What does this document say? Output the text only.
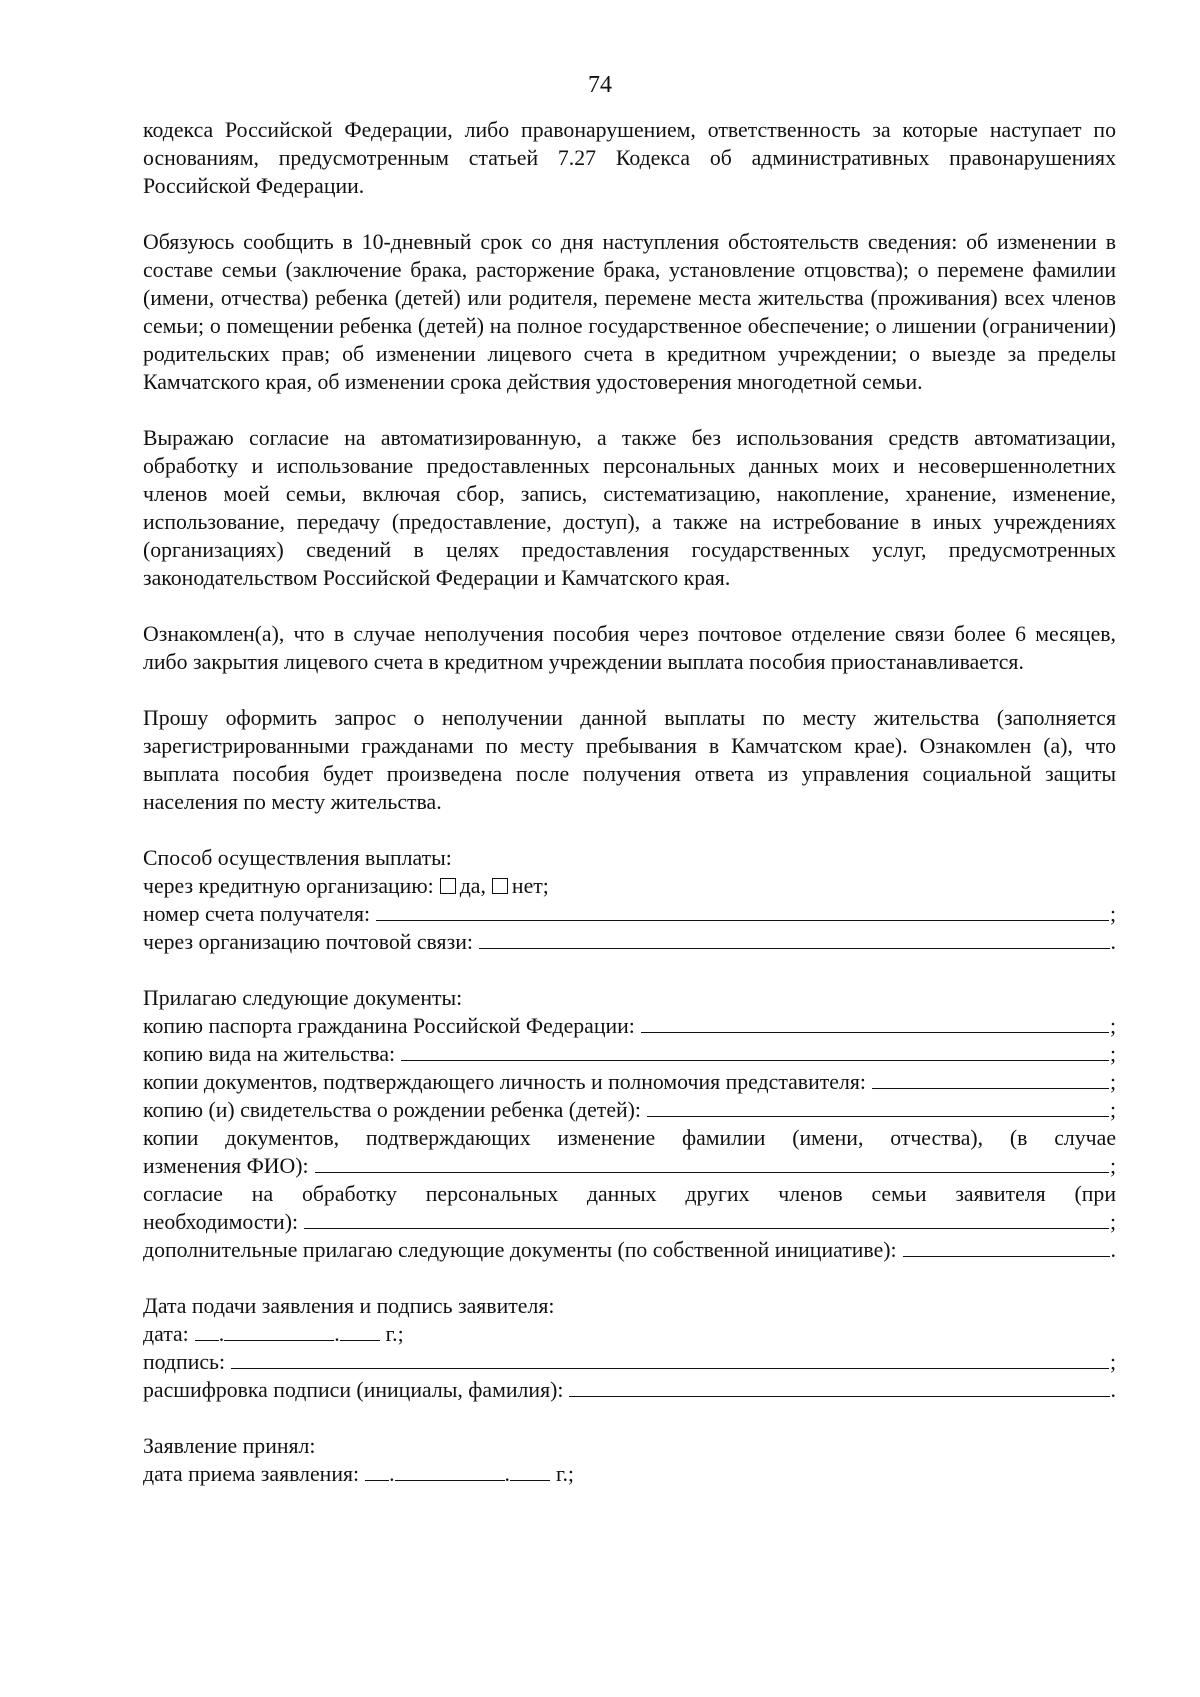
74

кодекса Российской Федерации, либо правонарушением, ответственность за которые наступает по основаниям, предусмотренным статьей 7.27 Кодекса об административных правонарушениях Российской Федерации.

Обязуюсь сообщить в 10-дневный срок со дня наступления обстоятельств сведения: об изменении в составе семьи (заключение брака, расторжение брака, установление отцовства); о перемене фамилии (имени, отчества) ребенка (детей) или родителя, перемене места жительства (проживания) всех членов семьи; о помещении ребенка (детей) на полное государственное обеспечение; о лишении (ограничении) родительских прав; об изменении лицевого счета в кредитном учреждении; о выезде за пределы Камчатского края, об изменении срока действия удостоверения многодетной семьи.

Выражаю согласие на автоматизированную, а также без использования средств автоматизации, обработку и использование предоставленных персональных данных моих и несовершеннолетних членов моей семьи, включая сбор, запись, систематизацию, накопление, хранение, изменение, использование, передачу (предоставление, доступ), а также на истребование в иных учреждениях (организациях) сведений в целях предоставления государственных услуг, предусмотренных законодательством Российской Федерации и Камчатского края.

Ознакомлен(а), что в случае неполучения пособия через почтовое отделение связи более 6 месяцев, либо закрытия лицевого счета в кредитном учреждении выплата пособия приостанавливается.

Прошу оформить запрос о неполучении данной выплаты по месту жительства (заполняется зарегистрированными гражданами по месту пребывания в Камчатском крае). Ознакомлен (а), что выплата пособия будет произведена после получения ответа из управления социальной защиты населения по месту жительства.

Способ осуществления выплаты:
через кредитную организацию: да, нет;
номер счета получателя:	;
через организацию почтовой связи:	.
Прилагаю следующие документы:
копию паспорта гражданина Российской Федерации:	;
копию вида на жительства:	;
копии документов, подтверждающего личность и полномочия представителя:	;
копию (и) свидетельства о рождении ребенка (детей):	;
копии документов, подтверждающих изменение фамилии (имени, отчества), (в случае
изменения ФИО):	;
согласие на обработку персональных данных других членов семьи заявителя (при
необходимости):	;
дополнительные прилагаю следующие документы (по собственной инициативе):	.
Дата подачи заявления и подпись заявителя:
дата: .	. г.;
подпись:	;
расшифровка подписи (инициалы, фамилия):	.
Заявление принял:
дата приема заявления: .	. г.;
